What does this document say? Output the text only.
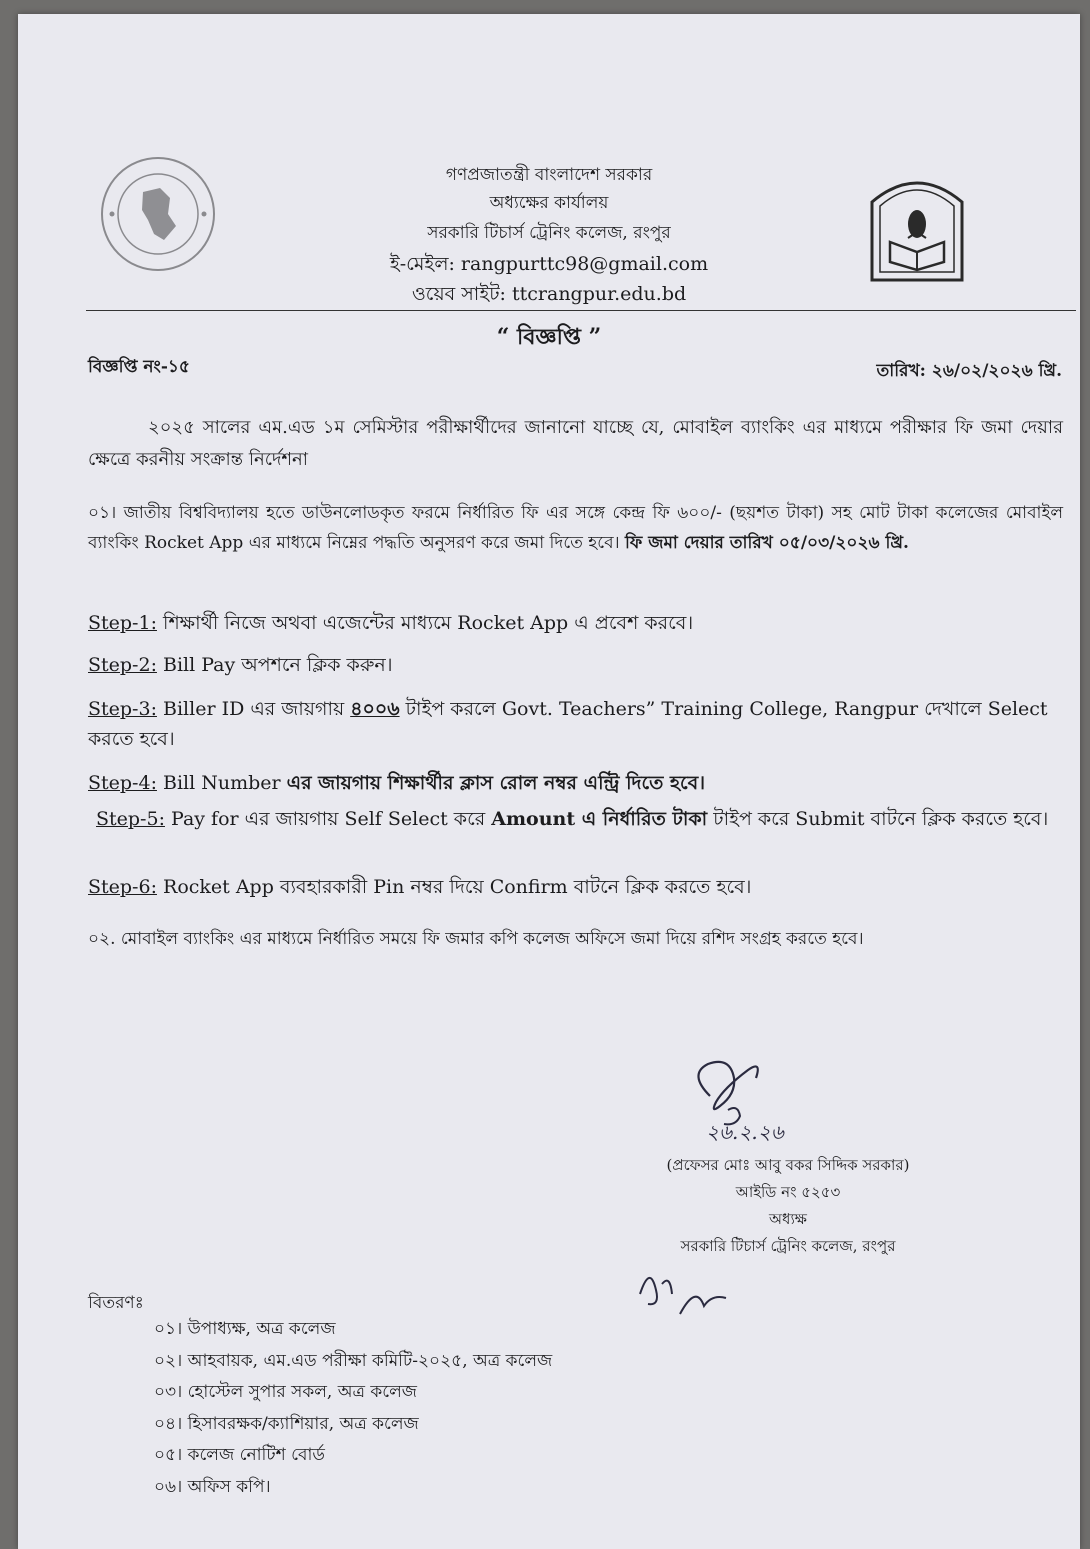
গণপ্রজাতন্ত্রী বাংলাদেশ সরকার
অধ্যক্ষের কার্যালয়
সরকারি টিচার্স ট্রেনিং কলেজ, রংপুর
ই-মেইল: rangpurttc98@gmail.com
ওয়েব সাইট: ttcrangpur.edu.bd
“ বিজ্ঞপ্তি ”
বিজ্ঞপ্তি নং-১৫	তারিখ: ২৬/০২/২০২৬ খ্রি.
২০২৫ সালের এম.এড ১ম সেমিস্টার পরীক্ষার্থীদের জানানো যাচ্ছে যে, মোবাইল ব্যাংকিং এর মাধ্যমে পরীক্ষার ফি জমা দেয়ার ক্ষেত্রে করনীয় সংক্রান্ত নির্দেশনা
০১। জাতীয় বিশ্ববিদ্যালয় হতে ডাউনলোডকৃত ফরমে নির্ধারিত ফি এর সঙ্গে কেন্দ্র ফি ৬০০/- (ছয়শত টাকা) সহ মোট টাকা কলেজের মোবাইল ব্যাংকিং Rocket App এর মাধ্যমে নিম্নের পদ্ধতি অনুসরণ করে জমা দিতে হবে। ফি জমা দেয়ার তারিখ ০৫/০৩/২০২৬ খ্রি.
Step-1: শিক্ষার্থী নিজে অথবা এজেন্টের মাধ্যমে Rocket App এ প্রবেশ করবে।
Step-2: Bill Pay অপশনে ক্লিক করুন।
Step-3: Biller ID এর জায়গায় ৪০০৬ টাইপ করলে Govt. Teachers” Training College, Rangpur দেখালে Select করতে হবে।
Step-4: Bill Number এর জায়গায় শিক্ষার্থীর ক্লাস রোল নম্বর এন্ট্রি দিতে হবে।
Step-5: Pay for এর জায়গায় Self Select করে Amount এ নির্ধারিত টাকা টাইপ করে Submit বাটনে ক্লিক করতে হবে।
Step-6: Rocket App ব্যবহারকারী Pin নম্বর দিয়ে Confirm বাটনে ক্লিক করতে হবে।
০২. মোবাইল ব্যাংকিং এর মাধ্যমে নির্ধারিত সময়ে ফি জমার কপি কলেজ অফিসে জমা দিয়ে রশিদ সংগ্রহ করতে হবে।
২৬.২.২৬
(প্রফেসর মোঃ আবু বকর সিদ্দিক সরকার)
আইডি নং ৫২৫৩
অধ্যক্ষ
সরকারি টিচার্স ট্রেনিং কলেজ, রংপুর
বিতরণঃ
০১। উপাধ্যক্ষ, অত্র কলেজ
০২। আহবায়ক, এম.এড পরীক্ষা কমিটি-২০২৫, অত্র কলেজ
০৩। হোস্টেল সুপার সকল, অত্র কলেজ
০৪। হিসাবরক্ষক/ক্যাশিয়ার, অত্র কলেজ
০৫। কলেজ নোটিশ বোর্ড
০৬। অফিস কপি।
